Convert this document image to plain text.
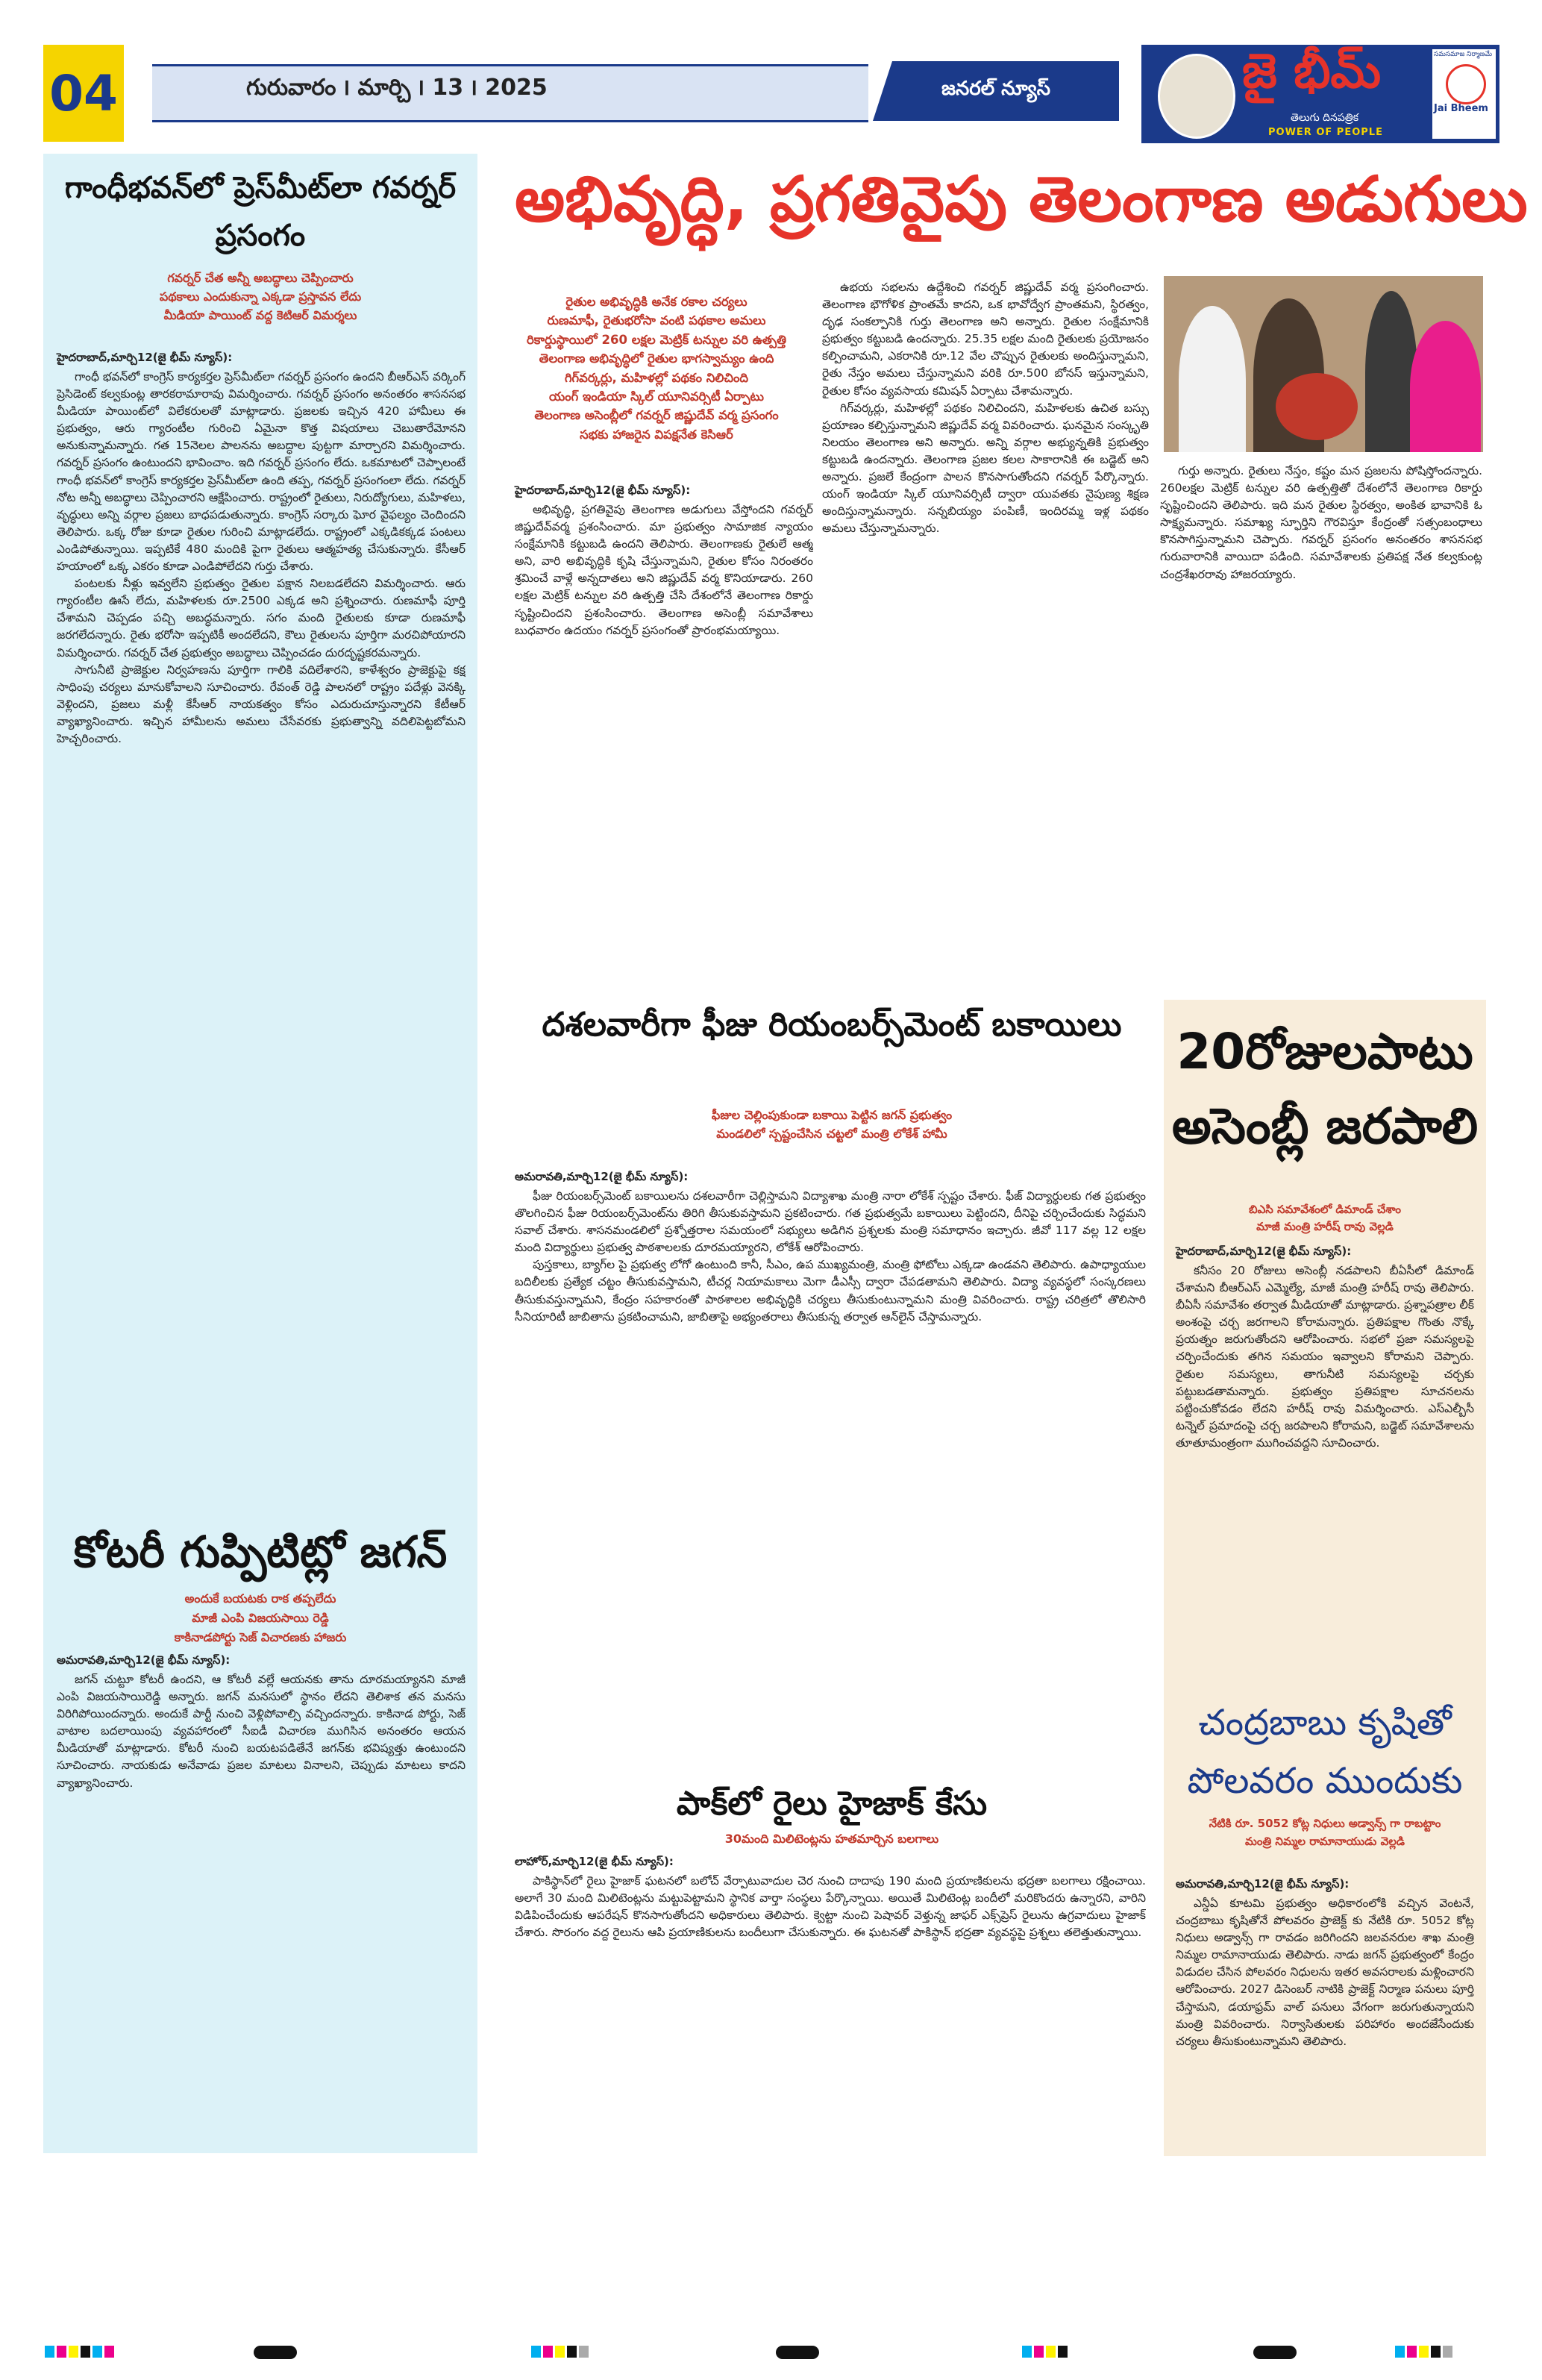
04	గురువారం ౹ మార్చి ౹ 13 ౹ 2025	జనరల్ న్యూస్	జై భీమ్
తెలుగు దినపత్రిక
POWER OF PEOPLE
సమసమాజ నిర్మాణమే
Jai Bheem
గాంధీభవన్‌లో ప్రెస్‌మీట్‌లా గవర్నర్ ప్రసంగం
గవర్నర్ చేత అన్నీ అబద్ధాలు చెప్పించారు
పథకాలు ఎందుకున్నా ఎక్కడా ప్రస్తావన లేదు
మీడియా పాయింట్ వద్ద కెటిఆర్ విమర్శలు
హైదరాబాద్,మార్చి12(జై భీమ్ న్యూస్):

గాంధీ భవన్‌లో కాంగ్రెస్ కార్యకర్తల ప్రెస్‌మీట్‌లా గవర్నర్ ప్రసంగం ఉందని బీఆర్ఎస్ వర్కింగ్ ప్రెసిడెంట్ కల్వకుంట్ల తారకరామారావు విమర్శించారు. గవర్నర్ ప్రసంగం అనంతరం శాసనసభ మీడియా పాయింట్‌లో విలేకరులతో మాట్లాడారు. ప్రజలకు ఇచ్చిన 420 హామీలు ఈ ప్రభుత్వం, ఆరు గ్యారంటీల గురించి ఏమైనా కొత్త విషయాలు చెబుతారేమోనని అనుకున్నామన్నారు. గత 15నెలల పాలనను అబద్ధాల పుట్టగా మార్చారని విమర్శించారు. గవర్నర్ ప్రసంగం ఉంటుందని భావించాం. ఇది గవర్నర్ ప్రసంగం లేదు. ఒకమాటలో చెప్పాలంటే గాంధీ భవన్‌లో కాంగ్రెస్ కార్యకర్తల ప్రెస్‌మీట్‌లా ఉంది తప్ప, గవర్నర్ ప్రసంగంలా లేదు. గవర్నర్ నోట అన్నీ అబద్ధాలు చెప్పించారని ఆక్షేపించారు. రాష్ట్రంలో రైతులు, నిరుద్యోగులు, మహిళలు, వృద్ధులు అన్ని వర్గాల ప్రజలు బాధపడుతున్నారు. కాంగ్రెస్ సర్కారు ఘోర వైఫల్యం చెందిందని తెలిపారు. ఒక్క రోజు కూడా రైతుల గురించి మాట్లాడలేదు. రాష్ట్రంలో ఎక్కడికక్కడ పంటలు ఎండిపోతున్నాయి. ఇప్పటికే 480 మందికి పైగా రైతులు ఆత్మహత్య చేసుకున్నారు. కేసీఆర్ హయాంలో ఒక్క ఎకరం కూడా ఎండిపోలేదని గుర్తు చేశారు.

పంటలకు నీళ్లు ఇవ్వలేని ప్రభుత్వం రైతుల పక్షాన నిలబడలేదని విమర్శించారు. ఆరు గ్యారంటీల ఊసే లేదు, మహిళలకు రూ.2500 ఎక్కడ అని ప్రశ్నించారు. రుణమాఫీ పూర్తి చేశామని చెప్పడం పచ్చి అబద్ధమన్నారు. సగం మంది రైతులకు కూడా రుణమాఫీ జరగలేదన్నారు. రైతు భరోసా ఇప్పటికీ అందలేదని, కౌలు రైతులను పూర్తిగా మరచిపోయారని విమర్శించారు. గవర్నర్ చేత ప్రభుత్వం అబద్ధాలు చెప్పించడం దురదృష్టకరమన్నారు.

సాగునీటి ప్రాజెక్టుల నిర్వహణను పూర్తిగా గాలికి వదిలేశారని, కాళేశ్వరం ప్రాజెక్టుపై కక్ష సాధింపు చర్యలు మానుకోవాలని సూచించారు. రేవంత్ రెడ్డి పాలనలో రాష్ట్రం పదేళ్లు వెనక్కి వెళ్లిందని, ప్రజలు మళ్లీ కేసీఆర్ నాయకత్వం కోసం ఎదురుచూస్తున్నారని కేటీఆర్ వ్యాఖ్యానించారు. ఇచ్చిన హామీలను అమలు చేసేవరకు ప్రభుత్వాన్ని వదిలిపెట్టబోమని హెచ్చరించారు.

కోటరీ గుప్పిటిట్లో జగన్
అందుకే బయటకు రాక తప్పలేదు
మాజీ ఎంపి విజయసాయి రెడ్డి
కాకినాడపోర్టు సెజ్ విచారణకు హాజరు
అమరావతి,మార్చి12(జై భీమ్ న్యూస్):

జగన్ చుట్టూ కోటరీ ఉందని, ఆ కోటరీ వల్లే ఆయనకు తాను దూరమయ్యానని మాజీ ఎంపి విజయసాయిరెడ్డి అన్నారు. జగన్ మనసులో స్థానం లేదని తెలిశాక తన మనసు విరిగిపోయిందన్నారు. అందుకే పార్టీ నుంచి వెళ్లిపోవాల్సి వచ్చిందన్నారు. కాకినాడ పోర్టు, సెజ్ వాటాల బదలాయింపు వ్యవహారంలో సీఐడీ విచారణ ముగిసిన అనంతరం ఆయన మీడియాతో మాట్లాడారు. కోటరీ నుంచి బయటపడితేనే జగన్‌కు భవిష్యత్తు ఉంటుందని సూచించారు. నాయకుడు అనేవాడు ప్రజల మాటలు వినాలని, చెప్పుడు మాటలు కాదని వ్యాఖ్యానించారు.

అభివృద్ధి, ప్రగతివైపు తెలంగాణ అడుగులు
రైతుల అభివృద్ధికి అనేక రకాల చర్యలు
రుణమాఫీ, రైతుభరోసా వంటి పథకాల అమలు
రికార్డుస్థాయిలో 260 లక్షల మెట్రిక్ టన్నుల వరి ఉత్పత్తి
తెలంగాణ అభివృద్ధిలో రైతుల భాగస్వామ్యం ఉంది
గిగ్‌వర్కర్లు, మహిళల్లో పథకం నిలిచింది
యంగ్ ఇండియా స్కిల్ యూనివర్సిటీ ఏర్పాటు
తెలంగాణ అసెంబ్లీలో గవర్నర్ జిష్ణుదేవ్ వర్మ ప్రసంగం
సభకు హాజరైన విపక్షనేత కెసిఆర్
హైదరాబాద్,మార్చి12(జై భీమ్ న్యూస్):

అభివృద్ధి, ప్రగతివైపు తెలంగాణ అడుగులు వేస్తోందని గవర్నర్ జిష్ణుదేవ్‌వర్మ ప్రశంసించారు. మా ప్రభుత్వం సామాజిక న్యాయం సంక్షేమానికి కట్టుబడి ఉందని తెలిపారు. తెలంగాణకు రైతులే ఆత్మ అని, వారి అభివృద్ధికి కృషి చేస్తున్నామని, రైతుల కోసం నిరంతరం శ్రమించే వాళ్లే అన్నదాతలు అని జిష్ణుదేవ్ వర్మ కొనియాడారు. 260 లక్షల మెట్రిక్ టన్నుల వరి ఉత్పత్తి చేసి దేశంలోనే తెలంగాణ రికార్డు సృష్టించిందని ప్రశంసించారు. తెలంగాణ అసెంబ్లీ సమావేశాలు బుధవారం ఉదయం గవర్నర్ ప్రసంగంతో ప్రారంభమయ్యాయి.

ఉభయ సభలను ఉద్దేశించి గవర్నర్ జిష్ణుదేవ్ వర్మ ప్రసంగించారు. తెలంగాణ భౌగోళిక ప్రాంతమే కాదని, ఒక భావోద్వేగ ప్రాంతమని, స్థిరత్వం, దృఢ సంకల్పానికి గుర్తు తెలంగాణ అని అన్నారు. రైతుల సంక్షేమానికి ప్రభుత్వం కట్టుబడి ఉందన్నారు. 25.35 లక్షల మంది రైతులకు ప్రయోజనం కల్పించామని, ఎకరానికి రూ.12 వేల చొప్పున రైతులకు అందిస్తున్నామని, రైతు నేస్తం అమలు చేస్తున్నామని వరికి రూ.500 బోనస్ ఇస్తున్నామని, రైతుల కోసం వ్యవసాయ కమిషన్ ఏర్పాటు చేశామన్నారు.

గిగ్‌వర్కర్లు, మహిళల్లో పథకం నిలిచిందని, మహిళలకు ఉచిత బస్సు ప్రయాణం కల్పిస్తున్నామని జిష్ణుదేవ్ వర్మ వివరించారు. ఘనమైన సంస్కృతి నిలయం తెలంగాణ అని అన్నారు. అన్ని వర్గాల అభ్యున్నతికి ప్రభుత్వం కట్టుబడి ఉందన్నారు. తెలంగాణ ప్రజల కలల సాకారానికి ఈ బడ్జెట్ అని అన్నారు. ప్రజలే కేంద్రంగా పాలన కొనసాగుతోందని గవర్నర్ పేర్కొన్నారు. యంగ్ ఇండియా స్కిల్ యూనివర్సిటీ ద్వారా యువతకు నైపుణ్య శిక్షణ అందిస్తున్నామన్నారు. సన్నబియ్యం పంపిణీ, ఇందిరమ్మ ఇళ్ల పథకం అమలు చేస్తున్నామన్నారు.

గుర్తు అన్నారు. రైతులు నేస్తం, కష్టం మన ప్రజలను పోషిస్తోందన్నారు. 260లక్షల మెట్రిక్ టన్నుల వరి ఉత్పత్తితో దేశంలోనే తెలంగాణ రికార్డు సృష్టించిందని తెలిపారు. ఇది మన రైతుల స్థిరత్వం, అంకిత భావానికి ఓ సాక్ష్యమన్నారు. సమాఖ్య స్ఫూర్తిని గౌరవిస్తూ కేంద్రంతో సత్సంబంధాలు కొనసాగిస్తున్నామని చెప్పారు. గవర్నర్ ప్రసంగం అనంతరం శాసనసభ గురువారానికి వాయిదా పడింది. సమావేశాలకు ప్రతిపక్ష నేత కల్వకుంట్ల చంద్రశేఖరరావు హాజరయ్యారు.

దశలవారీగా ఫీజు రియంబర్స్‌మెంట్ బకాయిలు
ఫీజుల చెల్లింపుకుండా బకాయి పెట్టిన జగన్ ప్రభుత్వం
మండలిలో స్పష్టంచేసిన చట్టలో మంత్రి లోకేశ్ హామీ
అమరావతి,మార్చి12(జై భీమ్ న్యూస్):

ఫీజు రియంబర్స్‌మెంట్ బకాయిలను దశలవారీగా చెల్లిస్తామని విద్యాశాఖ మంత్రి నారా లోకేశ్ స్పష్టం చేశారు. ఫీజ్ విద్యార్థులకు గత ప్రభుత్వం తొలగించిన ఫీజు రియంబర్స్‌మెంట్‌ను తిరిగి తీసుకువస్తామని ప్రకటించారు. గత ప్రభుత్వమే బకాయిలు పెట్టిందని, దీనిపై చర్చించేందుకు సిద్ధమని సవాల్ చేశారు. శాసనమండలిలో ప్రశ్నోత్తరాల సమయంలో సభ్యులు అడిగిన ప్రశ్నలకు మంత్రి సమాధానం ఇచ్చారు. జీవో 117 వల్ల 12 లక్షల మంది విద్యార్థులు ప్రభుత్వ పాఠశాలలకు దూరమయ్యారని, లోకేశ్ ఆరోపించారు.

పుస్తకాలు, బ్యాగ్‌ల పై ప్రభుత్వ లోగో ఉంటుంది కానీ, సీఎం, ఉప ముఖ్యమంత్రి, మంత్రి ఫోటోలు ఎక్కడా ఉండవని తెలిపారు. ఉపాధ్యాయుల బదిలీలకు ప్రత్యేక చట్టం తీసుకువస్తామని, టీచర్ల నియామకాలు మెగా డీఎస్సీ ద్వారా చేపడతామని తెలిపారు. విద్యా వ్యవస్థలో సంస్కరణలు తీసుకువస్తున్నామని, కేంద్రం సహకారంతో పాఠశాలల అభివృద్ధికి చర్యలు తీసుకుంటున్నామని మంత్రి వివరించారు. రాష్ట్ర చరిత్రలో తొలిసారి సీనియారిటీ జాబితాను ప్రకటించామని, జాబితాపై అభ్యంతరాలు తీసుకున్న తర్వాత ఆన్‌లైన్ చేస్తామన్నారు.

పాక్‌లో రైలు హైజాక్ కేసు
30మంది మిలిటెంట్లను హతమార్చిన బలగాలు
లాహోర్,మార్చి12(జై భీమ్ న్యూస్):

పాకిస్థాన్‌లో రైలు హైజాక్ ఘటనలో బలోచ్ వేర్పాటువాదుల చెర నుంచి దాదాపు 190 మంది ప్రయాణికులను భద్రతా బలగాలు రక్షించాయి. అలాగే 30 మంది మిలిటెంట్లను మట్టుపెట్టామని స్థానిక వార్తా సంస్థలు పేర్కొన్నాయి. అయితే మిలిటెంట్ల బందీలో మరికొందరు ఉన్నారని, వారిని విడిపించేందుకు ఆపరేషన్ కొనసాగుతోందని అధికారులు తెలిపారు. క్వెట్టా నుంచి పెషావర్ వెళ్తున్న జాఫర్ ఎక్స్‌ప్రెస్ రైలును ఉగ్రవాదులు హైజాక్ చేశారు. సొరంగం వద్ద రైలును ఆపి ప్రయాణికులను బందీలుగా చేసుకున్నారు. ఈ ఘటనతో పాకిస్థాన్ భద్రతా వ్యవస్థపై ప్రశ్నలు తలెత్తుతున్నాయి.

20రోజులపాటు అసెంబ్లీ జరపాలి
బిఎసి సమావేశంలో డిమాండ్ చేశాం
మాజీ మంత్రి హరీష్ రావు వెల్లడి
హైదరాబాద్,మార్చి12(జై భీమ్ న్యూస్):

కనీసం 20 రోజులు అసెంబ్లీ నడపాలని బీఏసీలో డిమాండ్ చేశామని బీఆర్ఎస్ ఎమ్మెల్యే, మాజీ మంత్రి హరీష్ రావు తెలిపారు. బీఏసీ సమావేశం తర్వాత మీడియాతో మాట్లాడారు. ప్రశ్నాపత్రాల లీక్ అంశంపై చర్చ జరగాలని కోరామన్నారు. ప్రతిపక్షాల గొంతు నొక్కే ప్రయత్నం జరుగుతోందని ఆరోపించారు. సభలో ప్రజా సమస్యలపై చర్చించేందుకు తగిన సమయం ఇవ్వాలని కోరామని చెప్పారు. రైతుల సమస్యలు, తాగునీటి సమస్యలపై చర్చకు పట్టుబడతామన్నారు. ప్రభుత్వం ప్రతిపక్షాల సూచనలను పట్టించుకోవడం లేదని హరీష్ రావు విమర్శించారు. ఎస్ఎల్బీసీ టన్నెల్ ప్రమాదంపై చర్చ జరపాలని కోరామని, బడ్జెట్ సమావేశాలను తూతూమంత్రంగా ముగించవద్దని సూచించారు.

చంద్రబాబు కృషితో పోలవరం ముందుకు
నేటికి రూ. 5052 కోట్ల నిధులు అడ్వాన్స్ గా రాబట్టాం
మంత్రి నిమ్మల రామానాయుడు వెల్లడి
అమరావతి,మార్చి12(జై భీమ్ న్యూస్):

ఎన్డీఏ కూటమి ప్రభుత్వం అధికారంలోకి వచ్చిన వెంటనే, చంద్రబాబు కృషితోనే పోలవరం ప్రాజెక్ట్ కు నేటికి రూ. 5052 కోట్ల నిధులు అడ్వాన్స్ గా రావడం జరిగిందని జలవనరుల శాఖ మంత్రి నిమ్మల రామానాయుడు తెలిపారు. నాడు జగన్ ప్రభుత్వంలో కేంద్రం విడుదల చేసిన పోలవరం నిధులను ఇతర అవసరాలకు మళ్లించారని ఆరోపించారు. 2027 డిసెంబర్ నాటికి ప్రాజెక్ట్ నిర్మాణ పనులు పూర్తి చేస్తామని, డయాఫ్రమ్ వాల్ పనులు వేగంగా జరుగుతున్నాయని మంత్రి వివరించారు. నిర్వాసితులకు పరిహారం అందజేసేందుకు చర్యలు తీసుకుంటున్నామని తెలిపారు.
